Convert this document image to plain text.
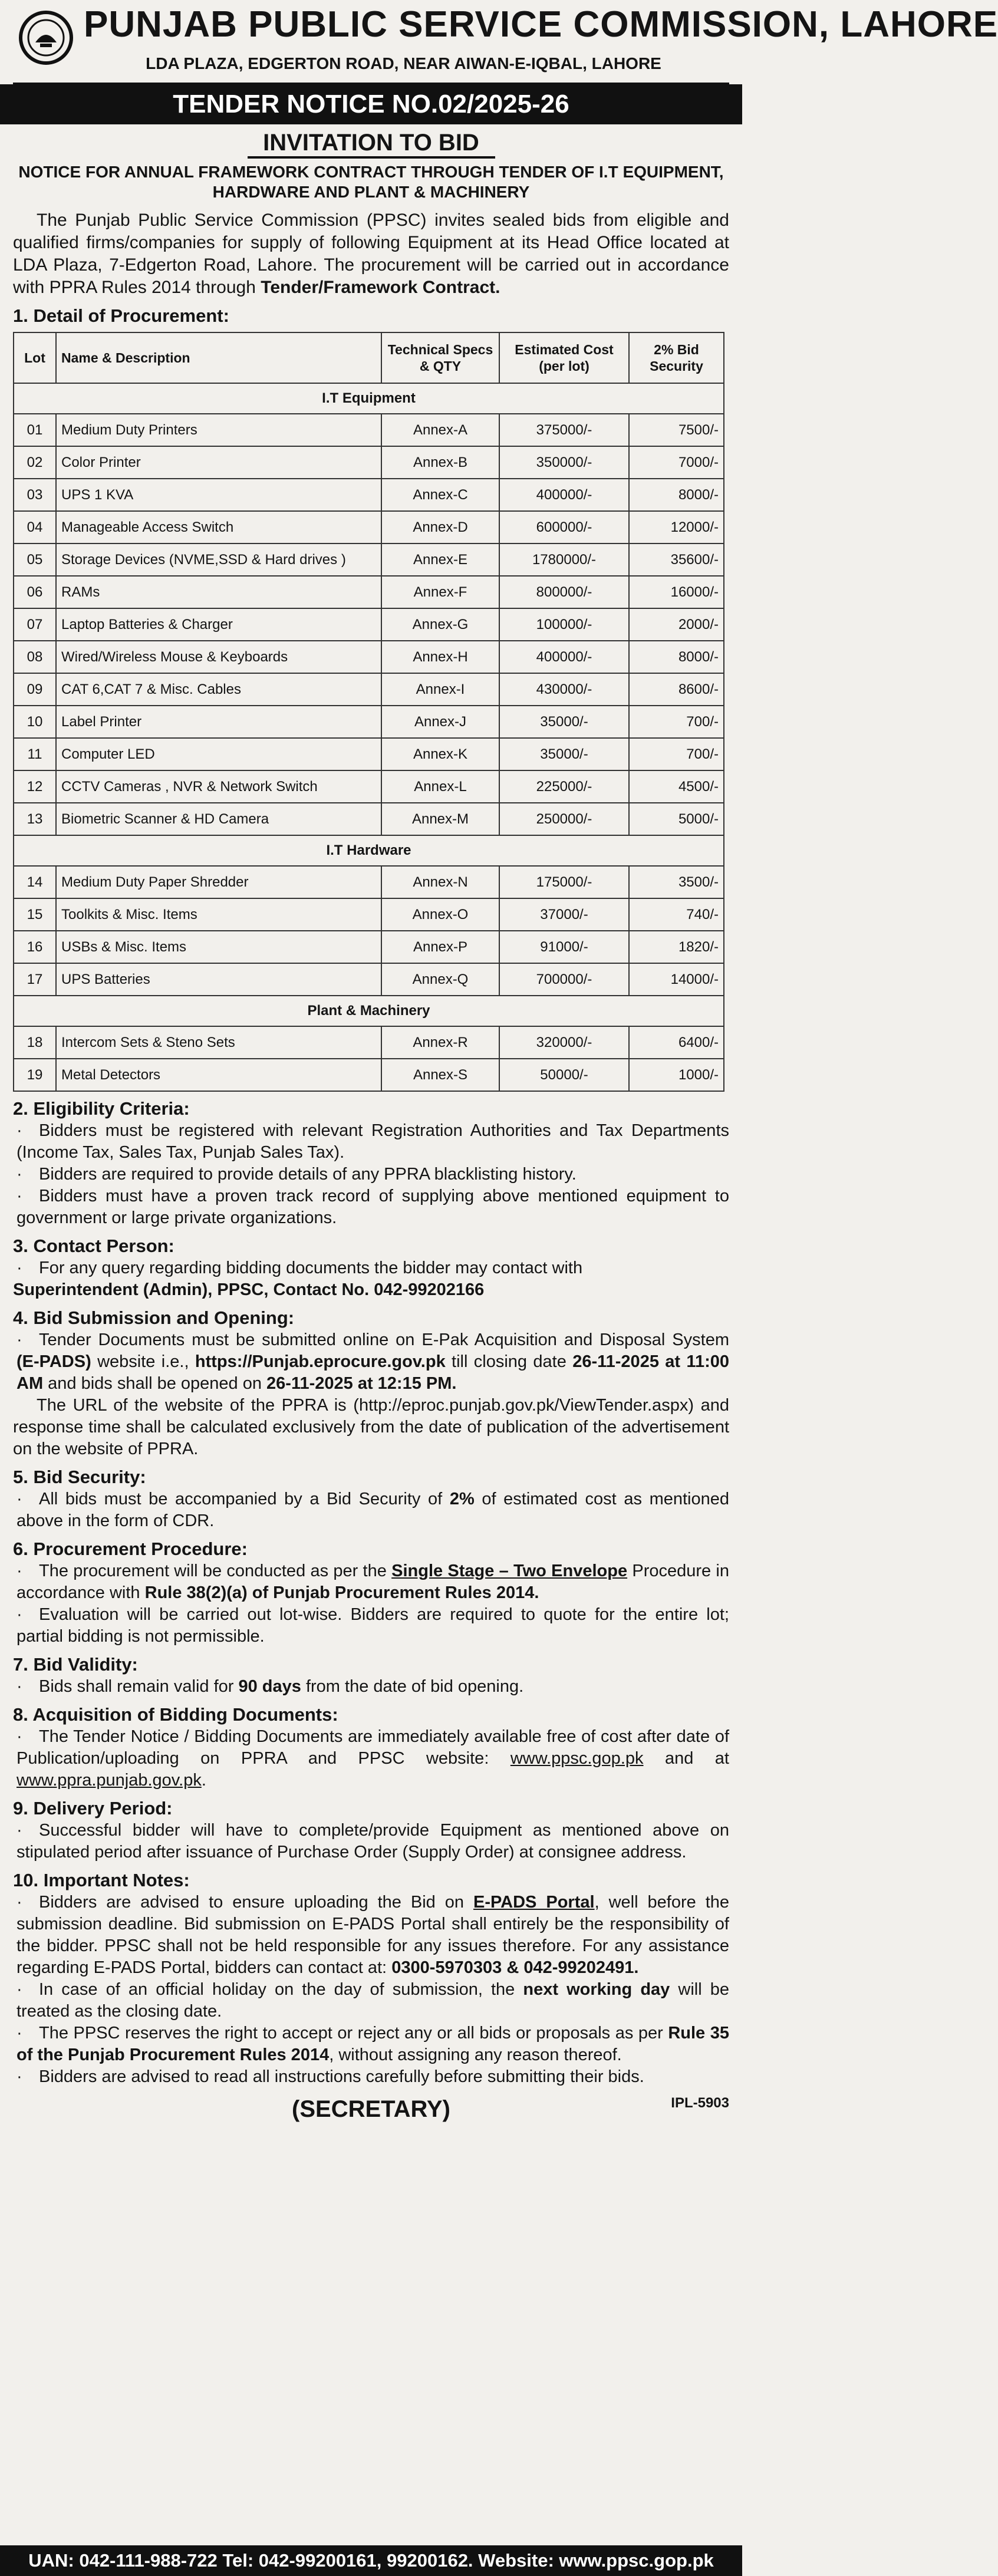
PUNJAB PUBLIC SERVICE COMMISSION, LAHORE
LDA PLAZA, EDGERTON ROAD, NEAR AIWAN-E-IQBAL, LAHORE
TENDER NOTICE NO.02/2025-26
INVITATION TO BID
NOTICE FOR ANNUAL FRAMEWORK CONTRACT THROUGH TENDER OF I.T EQUIPMENT,
HARDWARE AND PLANT & MACHINERY
The Punjab Public Service Commission (PPSC) invites sealed bids from eligible and qualified firms/companies for supply of following Equipment at its Head Office located at LDA Plaza, 7-Edgerton Road, Lahore. The procurement will be carried out in accordance with PPRA Rules 2014 through Tender/Framework Contract.
1. Detail of Procurement:
Lot	Name & Description	Technical Specs & QTY	Estimated Cost (per lot)	2% Bid Security
I.T Equipment				
01	Medium Duty Printers	Annex-A	375000/-	7500/-
02	Color Printer	Annex-B	350000/-	7000/-
03	UPS 1 KVA	Annex-C	400000/-	8000/-
04	Manageable Access Switch	Annex-D	600000/-	12000/-
05	Storage Devices (NVME,SSD & Hard drives )	Annex-E	1780000/-	35600/-
06	RAMs	Annex-F	800000/-	16000/-
07	Laptop Batteries & Charger	Annex-G	100000/-	2000/-
08	Wired/Wireless Mouse & Keyboards	Annex-H	400000/-	8000/-
09	CAT 6,CAT 7 & Misc. Cables	Annex-I	430000/-	8600/-
10	Label Printer	Annex-J	35000/-	700/-
11	Computer LED	Annex-K	35000/-	700/-
12	CCTV Cameras , NVR & Network Switch	Annex-L	225000/-	4500/-
13	Biometric Scanner & HD Camera	Annex-M	250000/-	5000/-
I.T Hardware				
14	Medium Duty Paper Shredder	Annex-N	175000/-	3500/-
15	Toolkits & Misc. Items	Annex-O	37000/-	740/-
16	USBs & Misc. Items	Annex-P	91000/-	1820/-
17	UPS Batteries	Annex-Q	700000/-	14000/-
Plant & Machinery				
18	Intercom Sets & Steno Sets	Annex-R	320000/-	6400/-
19	Metal Detectors	Annex-S	50000/-	1000/-
2. Eligibility Criteria:
· Bidders must be registered with relevant Registration Authorities and Tax Departments (Income Tax, Sales Tax, Punjab Sales Tax).
· Bidders are required to provide details of any PPRA blacklisting history.
· Bidders must have a proven track record of supplying above mentioned equipment to government or large private organizations.
3. Contact Person:
· For any query regarding bidding documents the bidder may contact with
Superintendent (Admin), PPSC, Contact No. 042-99202166
4. Bid Submission and Opening:
· Tender Documents must be submitted online on E-Pak Acquisition and Disposal System (E-PADS) website i.e., https://Punjab.eprocure.gov.pk till closing date 26-11-2025 at 11:00 AM and bids shall be opened on 26-11-2025 at 12:15 PM.
The URL of the website of the PPRA is (http://eproc.punjab.gov.pk/ViewTender.aspx) and response time shall be calculated exclusively from the date of publication of the advertisement on the website of PPRA.
5. Bid Security:
· All bids must be accompanied by a Bid Security of 2% of estimated cost as mentioned above in the form of CDR.
6. Procurement Procedure:
· The procurement will be conducted as per the Single Stage – Two Envelope Procedure in accordance with Rule 38(2)(a) of Punjab Procurement Rules 2014.
· Evaluation will be carried out lot-wise. Bidders are required to quote for the entire lot; partial bidding is not permissible.
7. Bid Validity:
· Bids shall remain valid for 90 days from the date of bid opening.
8. Acquisition of Bidding Documents:
· The Tender Notice / Bidding Documents are immediately available free of cost after date of Publication/uploading on PPRA and PPSC website: www.ppsc.gop.pk and at www.ppra.punjab.gov.pk.
9. Delivery Period:
· Successful bidder will have to complete/provide Equipment as mentioned above on stipulated period after issuance of Purchase Order (Supply Order) at consignee address.
10. Important Notes:
· Bidders are advised to ensure uploading the Bid on E-PADS Portal, well before the submission deadline. Bid submission on E-PADS Portal shall entirely be the responsibility of the bidder. PPSC shall not be held responsible for any issues therefore. For any assistance regarding E-PADS Portal, bidders can contact at: 0300-5970303 & 042-99202491.
· In case of an official holiday on the day of submission, the next working day will be treated as the closing date.
· The PPSC reserves the right to accept or reject any or all bids or proposals as per Rule 35 of the Punjab Procurement Rules 2014, without assigning any reason thereof.
· Bidders are advised to read all instructions carefully before submitting their bids.
(SECRETARY)	IPL-5903
UAN: 042-111-988-722 Tel: 042-99200161, 99200162. Website: www.ppsc.gop.pk
